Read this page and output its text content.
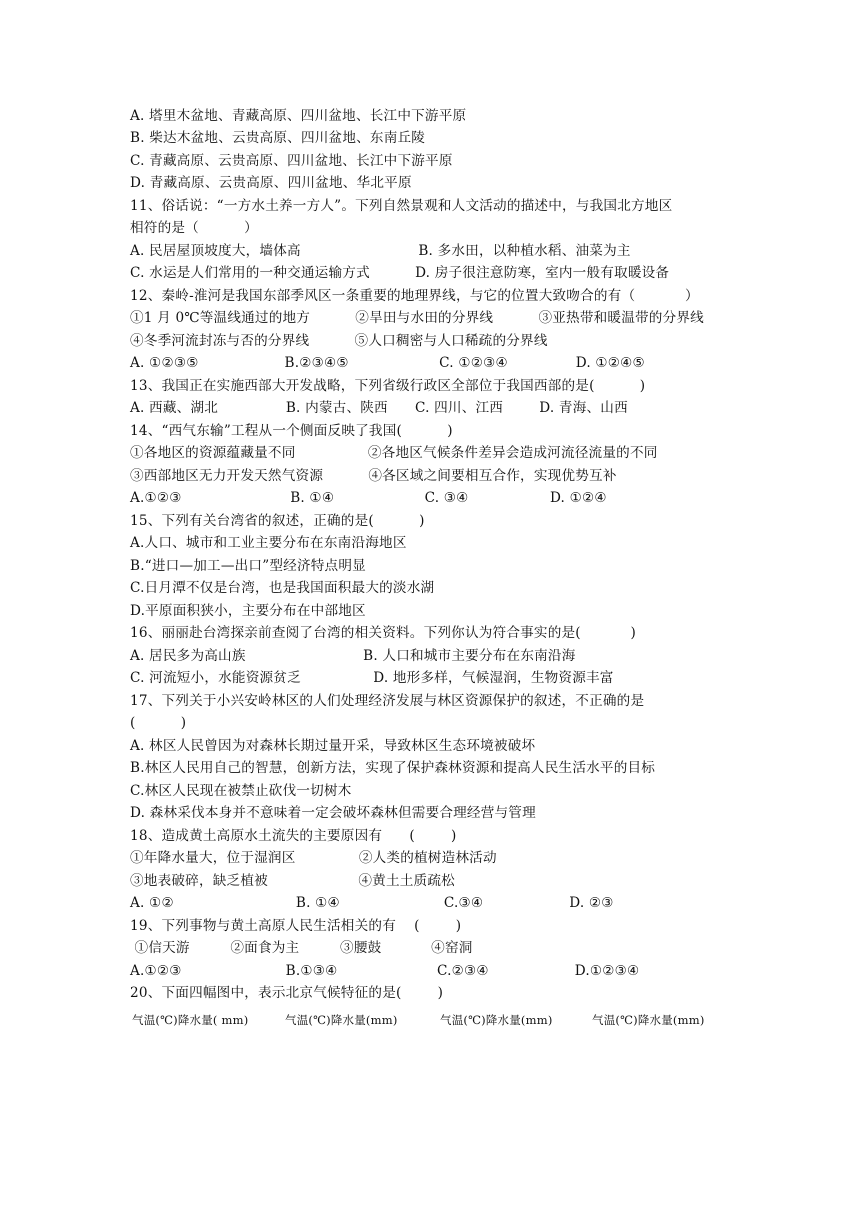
A. 塔里木盆地、青藏高原、四川盆地、长江中下游平原
B. 柴达木盆地、云贵高原、四川盆地、东南丘陵
C. 青藏高原、云贵高原、四川盆地、长江中下游平原
D. 青藏高原、云贵高原、四川盆地、华北平原
11、俗话说：“一方水土养一方人”。下列自然景观和人文活动的描述中，与我国北方地区
相符的是（          ）
A. 民居屋顶坡度大，墙体高                          B. 多水田，以种植水稻、油菜为主
C. 水运是人们常用的一种交通运输方式          D. 房子很注意防寒，室内一般有取暖设备
12、秦岭-淮河是我国东部季风区一条重要的地理界线，与它的位置大致吻合的有（           ）
①1 月 0℃等温线通过的地方          ②旱田与水田的分界线          ③亚热带和暖温带的分界线
④冬季河流封冻与否的分界线          ⑤人口稠密与人口稀疏的分界线
A. ①②③⑤                   B.②③④⑤                    C. ①②③④               D. ①②④⑤
13、我国正在实施西部大开发战略，下列省级行政区全部位于我国西部的是(          )
A. 西藏、湖北               B. 内蒙古、陕西      C. 四川、江西        D. 青海、山西
14、“西气东输”工程从一个侧面反映了我国(          )
①各地区的资源蕴藏量不同                ②各地区气候条件差异会造成河流径流量的不同
③西部地区无力开发天然气资源          ④各区域之间要相互合作，实现优势互补
A.①②③                        B. ①④                    C. ③④                  D. ①②④
15、下列有关台湾省的叙述，正确的是(          )
A.人口、城市和工业主要分布在东南沿海地区
B.“进口—加工—出口”型经济特点明显
C.日月潭不仅是台湾，也是我国面积最大的淡水湖
D.平原面积狭小，主要分布在中部地区
16、丽丽赴台湾探亲前查阅了台湾的相关资料。下列你认为符合事实的是(           )
A. 居民多为高山族                          B. 人口和城市主要分布在东南沿海
C. 河流短小，水能资源贫乏                D. 地形多样，气候湿润，生物资源丰富
17、下列关于小兴安岭林区的人们处理经济发展与林区资源保护的叙述，不正确的是
(          )
A. 林区人民曾因为对森林长期过量开采，导致林区生态环境被破坏
B.林区人民用自己的智慧，创新方法，实现了保护森林资源和提高人民生活水平的目标
C.林区人民现在被禁止砍伐一切树木
D. 森林采伐本身并不意味着一定会破坏森林但需要合理经营与管理
18、造成黄土高原水土流失的主要原因有      (        )
①年降水量大，位于湿润区              ②人类的植树造林活动
③地表破碎，缺乏植被                    ④黄土土质疏松
A. ①②                           B. ①④                       C.③④                   D. ②③
19、下列事物与黄土高原人民生活相关的有    (        )
①信天游         ②面食为主         ③腰鼓           ④窑洞
A.①②③                       B.①③④                      C.②③④                   D.①②③④
20、下面四幅图中，表示北京气候特征的是(        )
气温(℃)降水量( mm)	气温(℃)降水量(mm)	气温(℃)降水量(mm)	气温(℃)降水量(mm)
